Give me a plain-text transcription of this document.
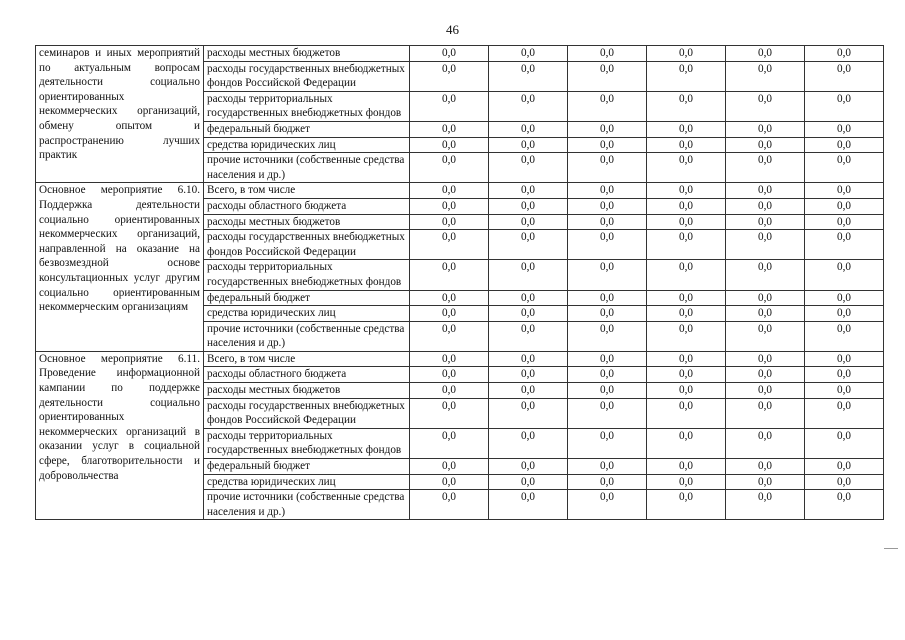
46
семинаров и иных мероприятий по актуальным вопросам деятельности социально ориентированных некоммерческих организаций, обмену опытом и распространению лучших практик	расходы местных бюджетов	0,0	0,0	0,0	0,0	0,0	0,0
	расходы государственных внебюджетных фондов Российской Федерации	0,0	0,0	0,0	0,0	0,0	0,0
	расходы территориальных государственных внебюджетных фондов	0,0	0,0	0,0	0,0	0,0	0,0
	федеральный бюджет	0,0	0,0	0,0	0,0	0,0	0,0
	средства юридических лиц	0,0	0,0	0,0	0,0	0,0	0,0
	прочие источники (собственные средства населения и др.)	0,0	0,0	0,0	0,0	0,0	0,0
Основное мероприятие 6.10. Поддержка деятельности социально ориентированных некоммерческих организаций, направленной на оказание на безвозмездной основе консультационных услуг другим социально ориентированным некоммерческим организациям	Всего, в том числе	0,0	0,0	0,0	0,0	0,0	0,0
	расходы областного бюджета	0,0	0,0	0,0	0,0	0,0	0,0
	расходы местных бюджетов	0,0	0,0	0,0	0,0	0,0	0,0
	расходы государственных внебюджетных фондов Российской Федерации	0,0	0,0	0,0	0,0	0,0	0,0
	расходы территориальных государственных внебюджетных фондов	0,0	0,0	0,0	0,0	0,0	0,0
	федеральный бюджет	0,0	0,0	0,0	0,0	0,0	0,0
	средства юридических лиц	0,0	0,0	0,0	0,0	0,0	0,0
	прочие источники (собственные средства населения и др.)	0,0	0,0	0,0	0,0	0,0	0,0
Основное мероприятие 6.11. Проведение информационной кампании по поддержке деятельности социально ориентированных некоммерческих организаций в оказании услуг в социальной сфере, благотворительности и добровольчества	Всего, в том числе	0,0	0,0	0,0	0,0	0,0	0,0
	расходы областного бюджета	0,0	0,0	0,0	0,0	0,0	0,0
	расходы местных бюджетов	0,0	0,0	0,0	0,0	0,0	0,0
	расходы государственных внебюджетных фондов Российской Федерации	0,0	0,0	0,0	0,0	0,0	0,0
	расходы территориальных государственных внебюджетных фондов	0,0	0,0	0,0	0,0	0,0	0,0
	федеральный бюджет	0,0	0,0	0,0	0,0	0,0	0,0
	средства юридических лиц	0,0	0,0	0,0	0,0	0,0	0,0
	прочие источники (собственные средства населения и др.)	0,0	0,0	0,0	0,0	0,0	0,0
